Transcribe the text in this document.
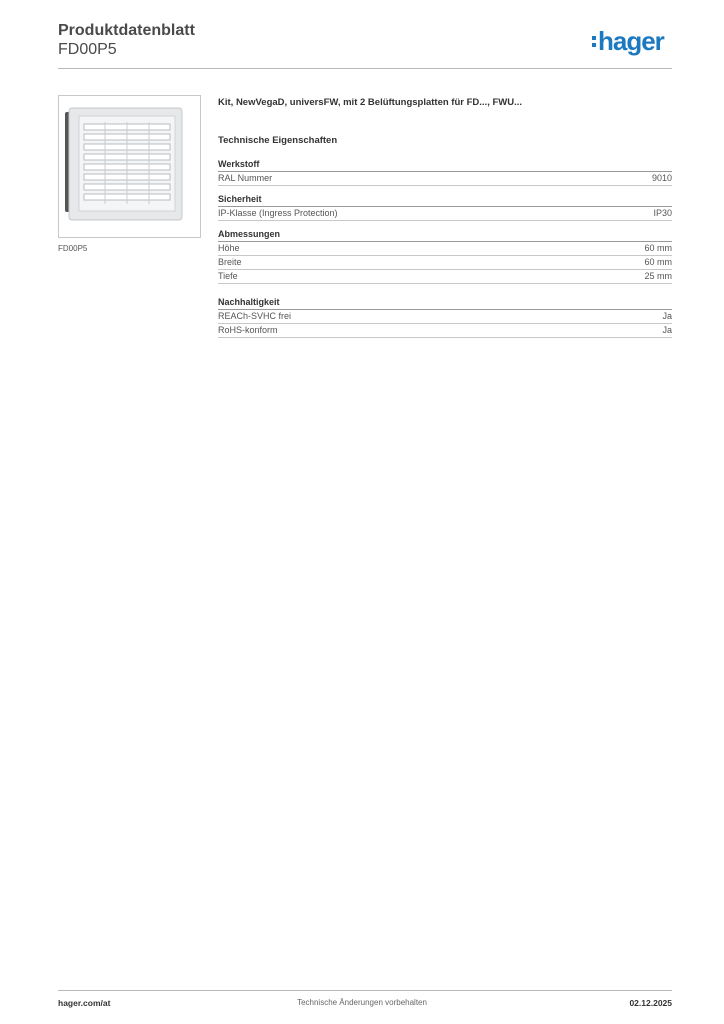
Produktdatenblatt
FD00P5	hager
FD00P5
Kit, NewVegaD, universFW, mit 2 Belüftungsplatten für FD..., FWU...
Technische Eigenschaften
Werkstoff
RAL Nummer	9010
Sicherheit
IP-Klasse (Ingress Protection)	IP30
Abmessungen
Höhe	60 mm
Breite	60 mm
Tiefe	25 mm
Nachhaltigkeit
REACh-SVHC frei	Ja
RoHS-konform	Ja
hager.com/at	Technische Änderungen vorbehalten	02.12.2025
